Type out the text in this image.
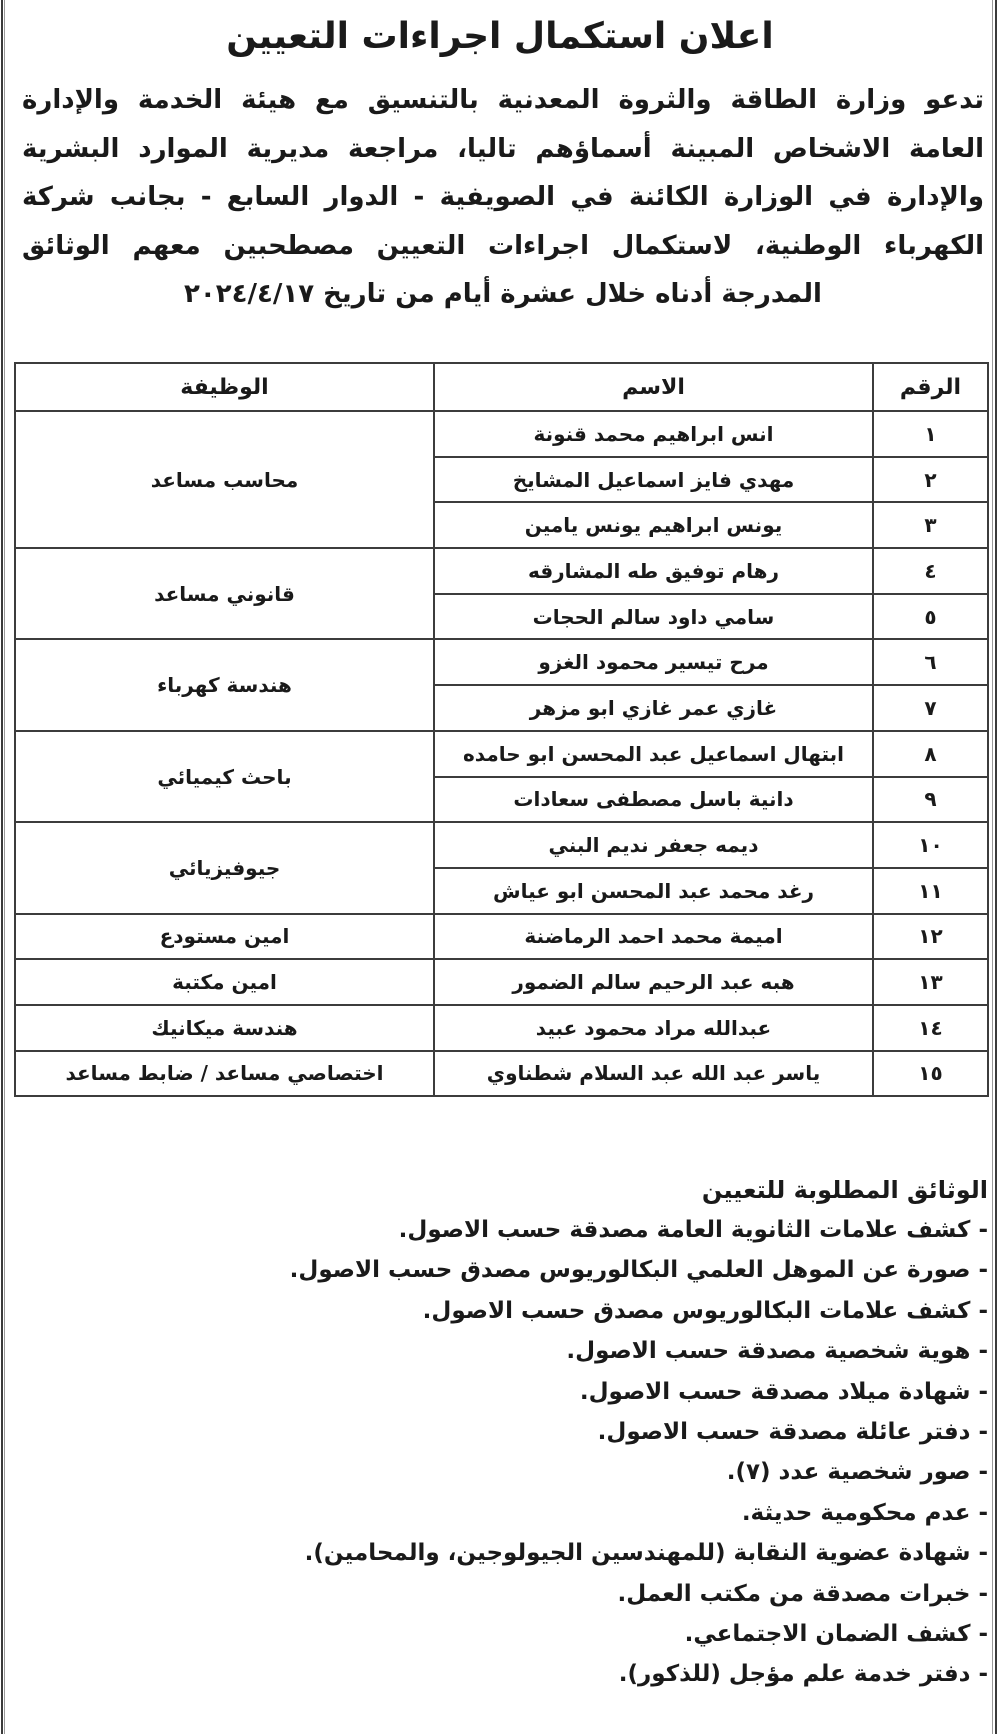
اعلان استكمال اجراءات التعيين
تدعو وزارة الطاقة والثروة المعدنية بالتنسيق مع هيئة الخدمة والإدارة
العامة الاشخاص المبينة أسماؤهم تاليا، مراجعة مديرية الموارد البشرية
والإدارة في الوزارة الكائنة في الصويفية - الدوار السابع - بجانب شركة
الكهرباء الوطنية، لاستكمال اجراءات التعيين مصطحبين معهم الوثائق
المدرجة أدناه خلال عشرة أيام من تاريخ ٢٠٢٤/٤/١٧
الرقم	الاسم	الوظيفة
١	انس ابراهيم محمد قنونة	محاسب مساعد
٢	مهدي فايز اسماعيل المشايخ	
٣	يونس ابراهيم يونس يامين	
٤	رهام توفيق طه المشارقه	قانوني مساعد
٥	سامي داود سالم الحجات	
٦	مرح تيسير محمود الغزو	هندسة كهرباء
٧	غازي عمر غازي ابو مزهر	
٨	ابتهال اسماعيل عبد المحسن ابو حامده	باحث كيميائي
٩	دانية باسل مصطفى سعادات	
١٠	ديمه جعفر نديم البني	جيوفيزيائي
١١	رغد محمد عبد المحسن ابو عياش	
١٢	اميمة محمد احمد الرماضنة	امين مستودع
١٣	هبه عبد الرحيم سالم الضمور	امين مكتبة
١٤	عبدالله مراد محمود عبيد	هندسة ميكانيك
١٥	ياسر عبد الله عبد السلام شطناوي	اختصاصي مساعد / ضابط مساعد
الوثائق المطلوبة للتعيين
- كشف علامات الثانوية العامة مصدقة حسب الاصول.
- صورة عن الموهل العلمي البكالوريوس مصدق حسب الاصول.
- كشف علامات البكالوريوس مصدق حسب الاصول.
- هوية شخصية مصدقة حسب الاصول.
- شهادة ميلاد مصدقة حسب الاصول.
- دفتر عائلة مصدقة حسب الاصول.
- صور شخصية عدد (٧).
- عدم محكومية حديثة.
- شهادة عضوية النقابة (للمهندسين الجيولوجين، والمحامين).
- خبرات مصدقة من مكتب العمل.
- كشف الضمان الاجتماعي.
- دفتر خدمة علم مؤجل (للذكور).
